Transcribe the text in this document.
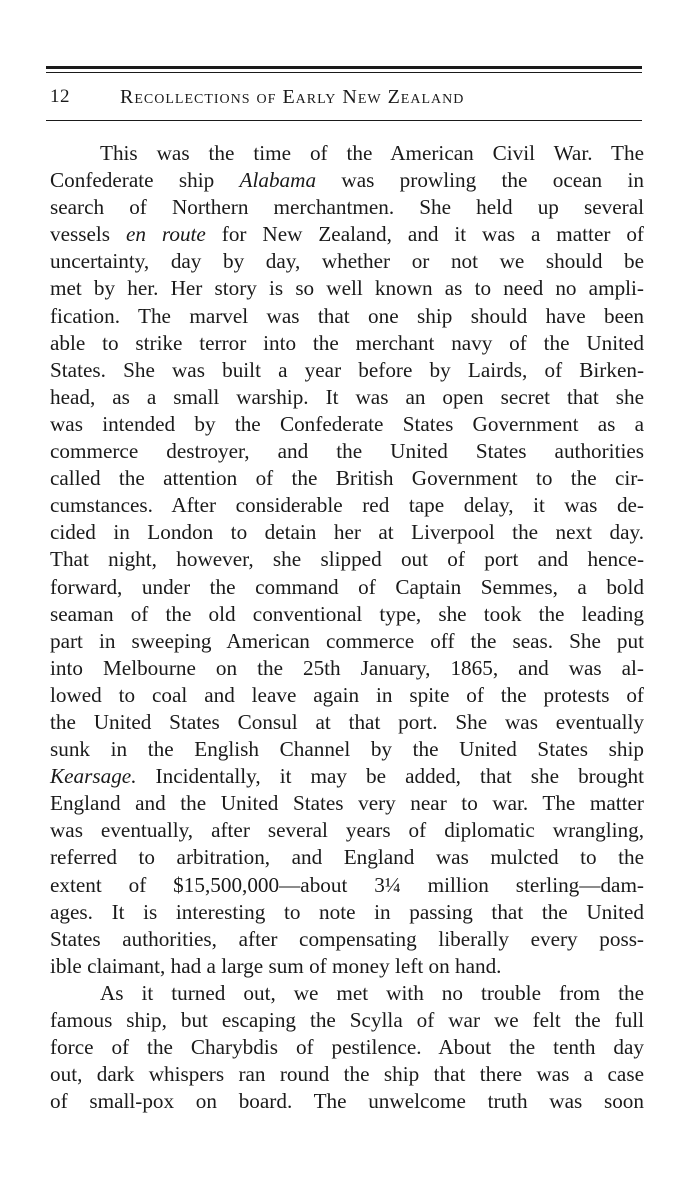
12	Recollections of Early New Zealand
This was the time of the American Civil War. The
Confederate ship Alabama was prowling the ocean in
search of Northern merchantmen. She held up several
vessels en route for New Zealand, and it was a matter of
uncertainty, day by day, whether or not we should be
met by her. Her story is so well known as to need no ampli-
fication. The marvel was that one ship should have been
able to strike terror into the merchant navy of the United
States. She was built a year before by Lairds, of Birken-
head, as a small warship. It was an open secret that she
was intended by the Confederate States Government as a
commerce destroyer, and the United States authorities
called the attention of the British Government to the cir-
cumstances. After considerable red tape delay, it was de-
cided in London to detain her at Liverpool the next day.
That night, however, she slipped out of port and hence-
forward, under the command of Captain Semmes, a bold
seaman of the old conventional type, she took the leading
part in sweeping American commerce off the seas. She put
into Melbourne on the 25th January, 1865, and was al-
lowed to coal and leave again in spite of the protests of
the United States Consul at that port. She was eventually
sunk in the English Channel by the United States ship
Kearsage. Incidentally, it may be added, that she brought
England and the United States very near to war. The matter
was eventually, after several years of diplomatic wrangling,
referred to arbitration, and England was mulcted to the
extent of $15,500,000—about 3¼ million sterling—dam-
ages. It is interesting to note in passing that the United
States authorities, after compensating liberally every poss-
ible claimant, had a large sum of money left on hand.
As it turned out, we met with no trouble from the
famous ship, but escaping the Scylla of war we felt the full
force of the Charybdis of pestilence. About the tenth day
out, dark whispers ran round the ship that there was a case
of small-pox on board. The unwelcome truth was soon
